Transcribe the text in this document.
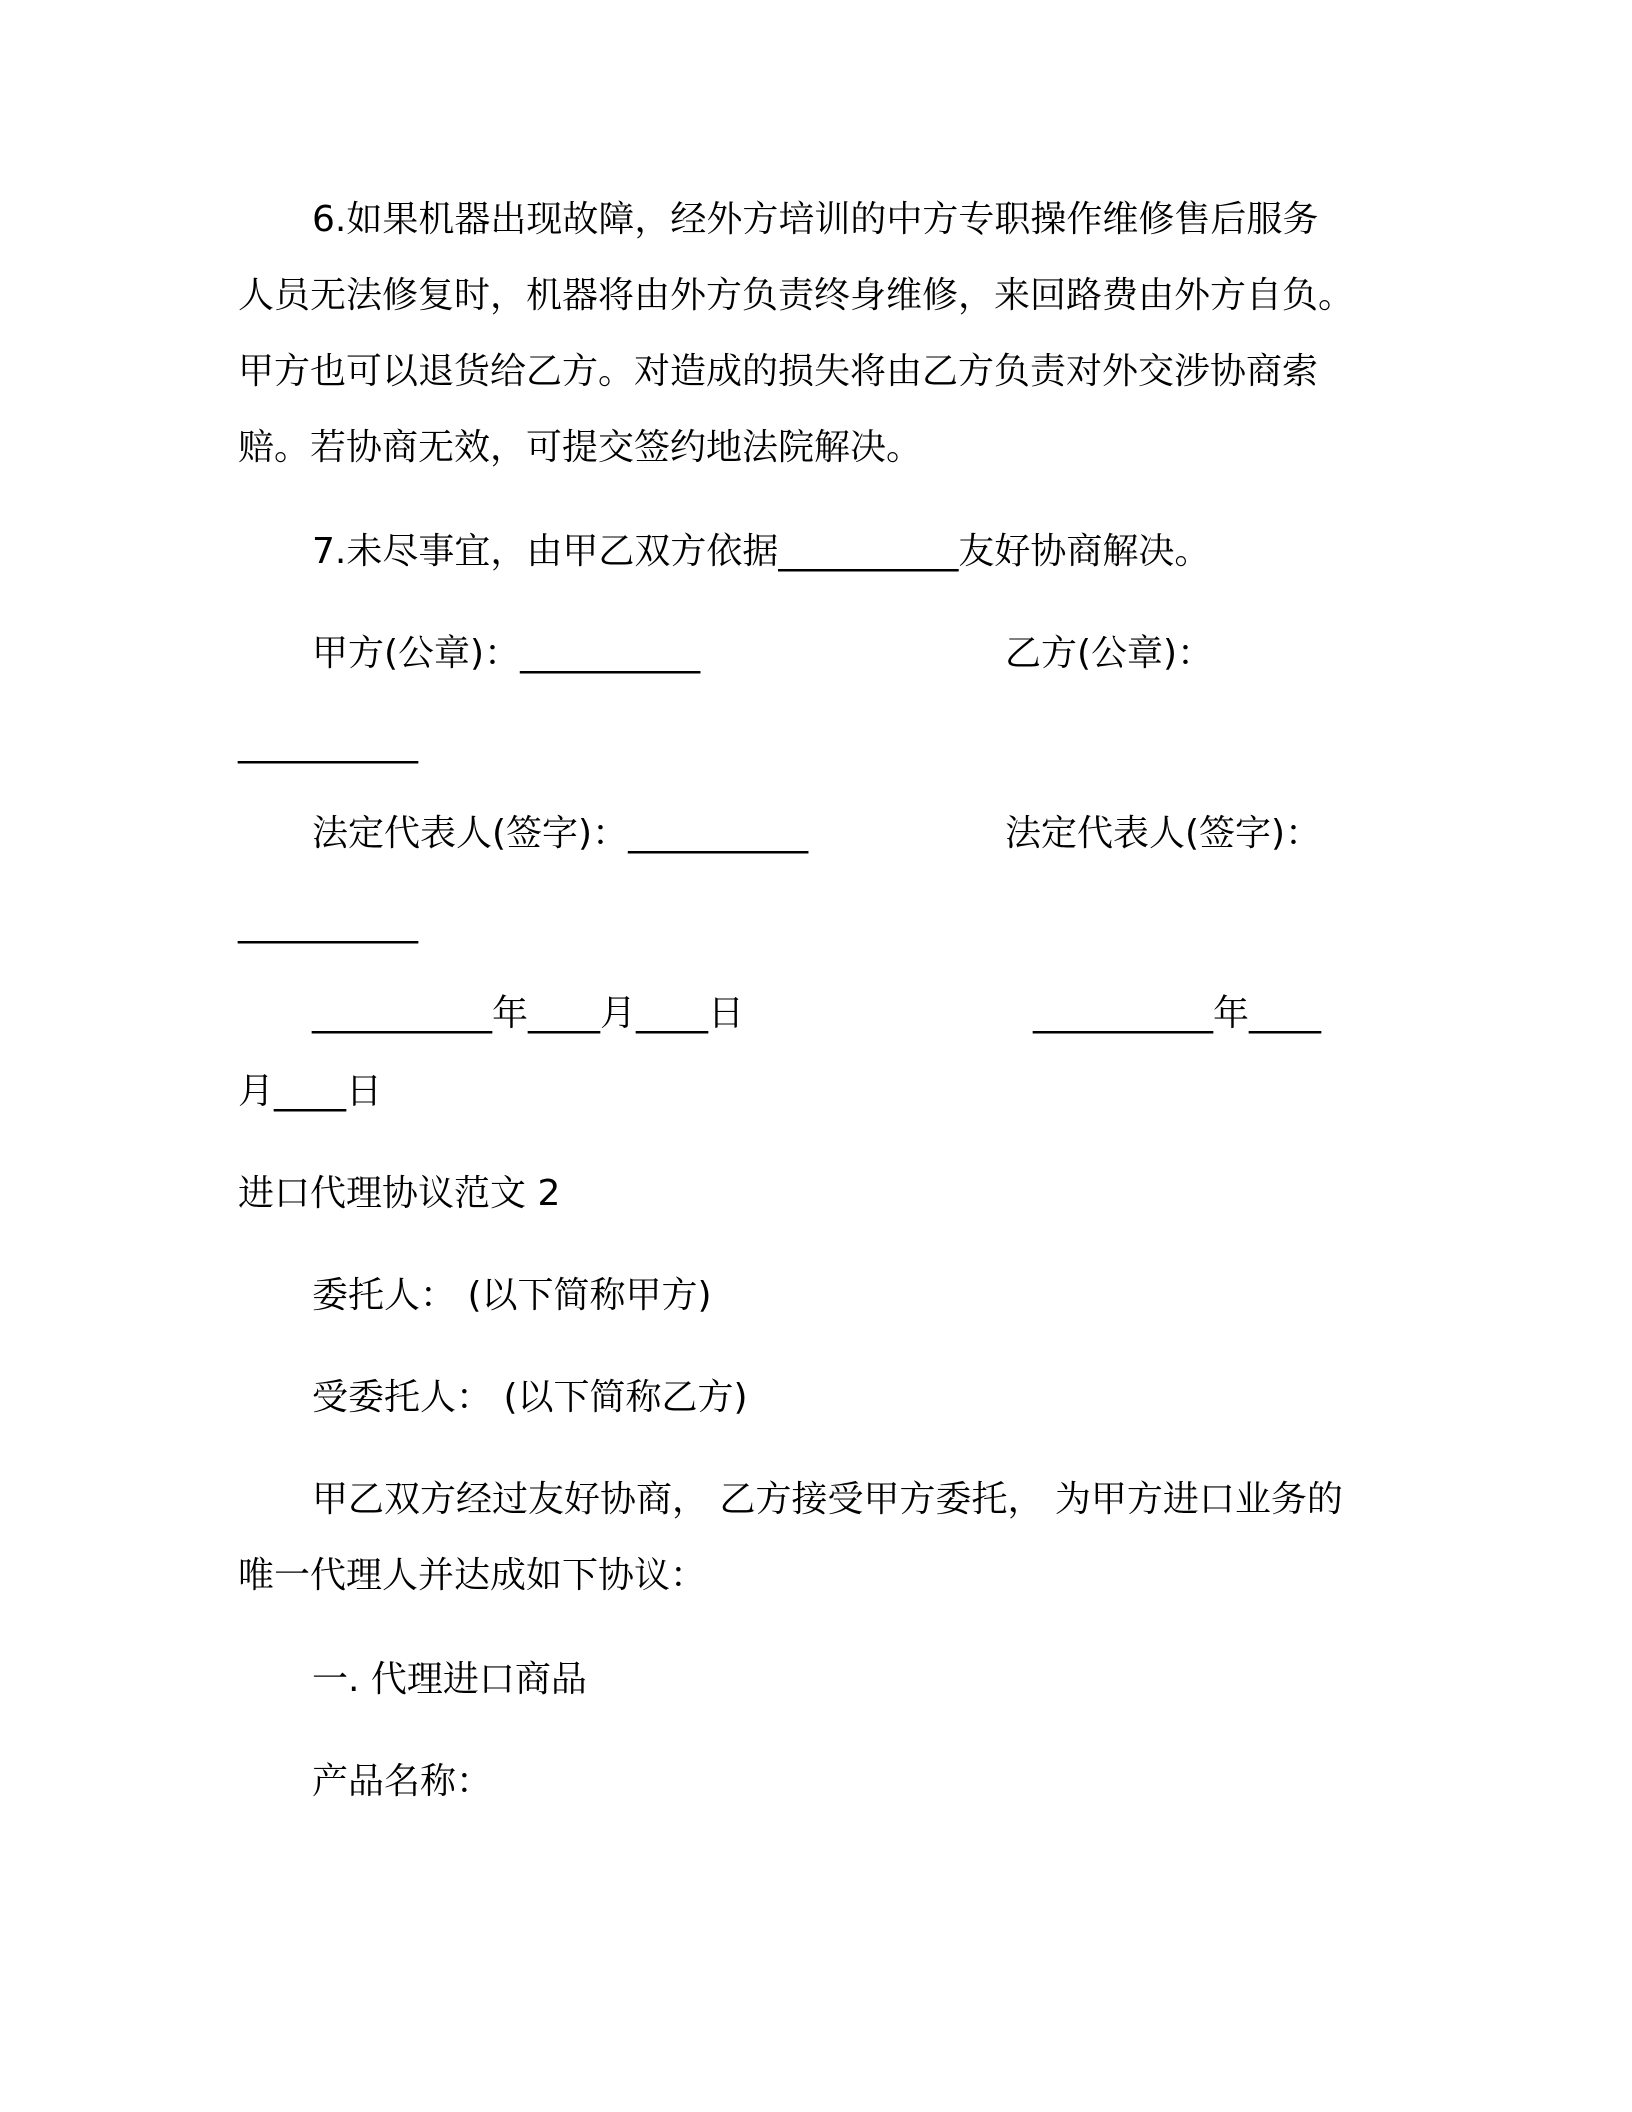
6.如果机器出现故障，经外方培训的中方专职操作维修售后服务

人员无法修复时，机器将由外方负责终身维修，来回路费由外方自负。

甲方也可以退货给乙方。对造成的损失将由乙方负责对外交涉协商索

赔。若协商无效，可提交签约地法院解决。

7.未尽事宜，由甲乙双方依据__________友好协商解决。

甲方(公章)：__________	乙方(公章)：

__________

法定代表人(签字)：__________	法定代表人(签字)：

__________

__________年____月____日	__________年____

月____日

进口代理协议范文 2

委托人： (以下简称甲方)

受委托人： (以下简称乙方)

甲乙双方经过友好协商， 乙方接受甲方委托， 为甲方进口业务的

唯一代理人并达成如下协议：

一. 代理进口商品

产品名称：
